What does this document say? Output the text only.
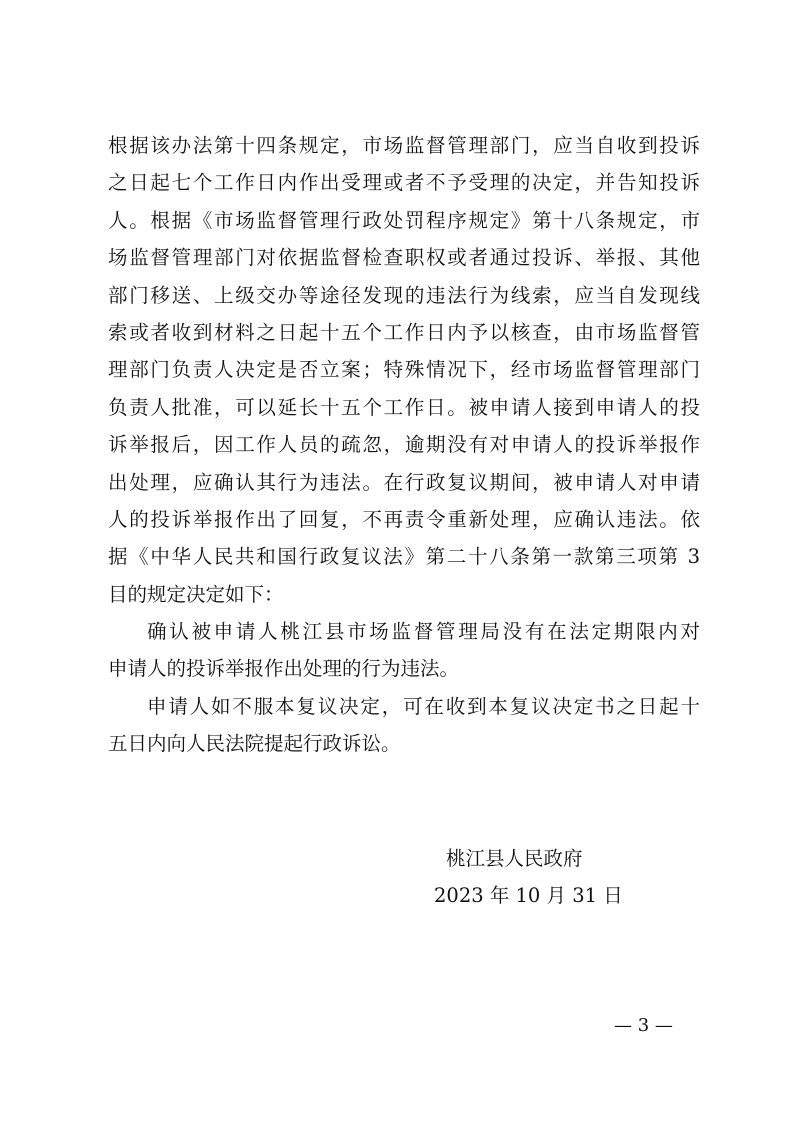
根据该办法第十四条规定，市场监督管理部门，应当自收到投诉
之日起七个工作日内作出受理或者不予受理的决定，并告知投诉
人。根据《市场监督管理行政处罚程序规定》第十八条规定，市
场监督管理部门对依据监督检查职权或者通过投诉、举报、其他
部门移送、上级交办等途径发现的违法行为线索，应当自发现线
索或者收到材料之日起十五个工作日内予以核查，由市场监督管
理部门负责人决定是否立案；特殊情况下，经市场监督管理部门
负责人批准，可以延长十五个工作日。被申请人接到申请人的投
诉举报后，因工作人员的疏忽，逾期没有对申请人的投诉举报作
出处理，应确认其行为违法。在行政复议期间，被申请人对申请
人的投诉举报作出了回复，不再责令重新处理，应确认违法。依
据《中华人民共和国行政复议法》第二十八条第一款第三项第 3
目的规定决定如下：
确认被申请人桃江县市场监督管理局没有在法定期限内对
申请人的投诉举报作出处理的行为违法。
申请人如不服本复议决定，可在收到本复议决定书之日起十
五日内向人民法院提起行政诉讼。
桃江县人民政府
2023 年 10 月 31 日
— 3 —
